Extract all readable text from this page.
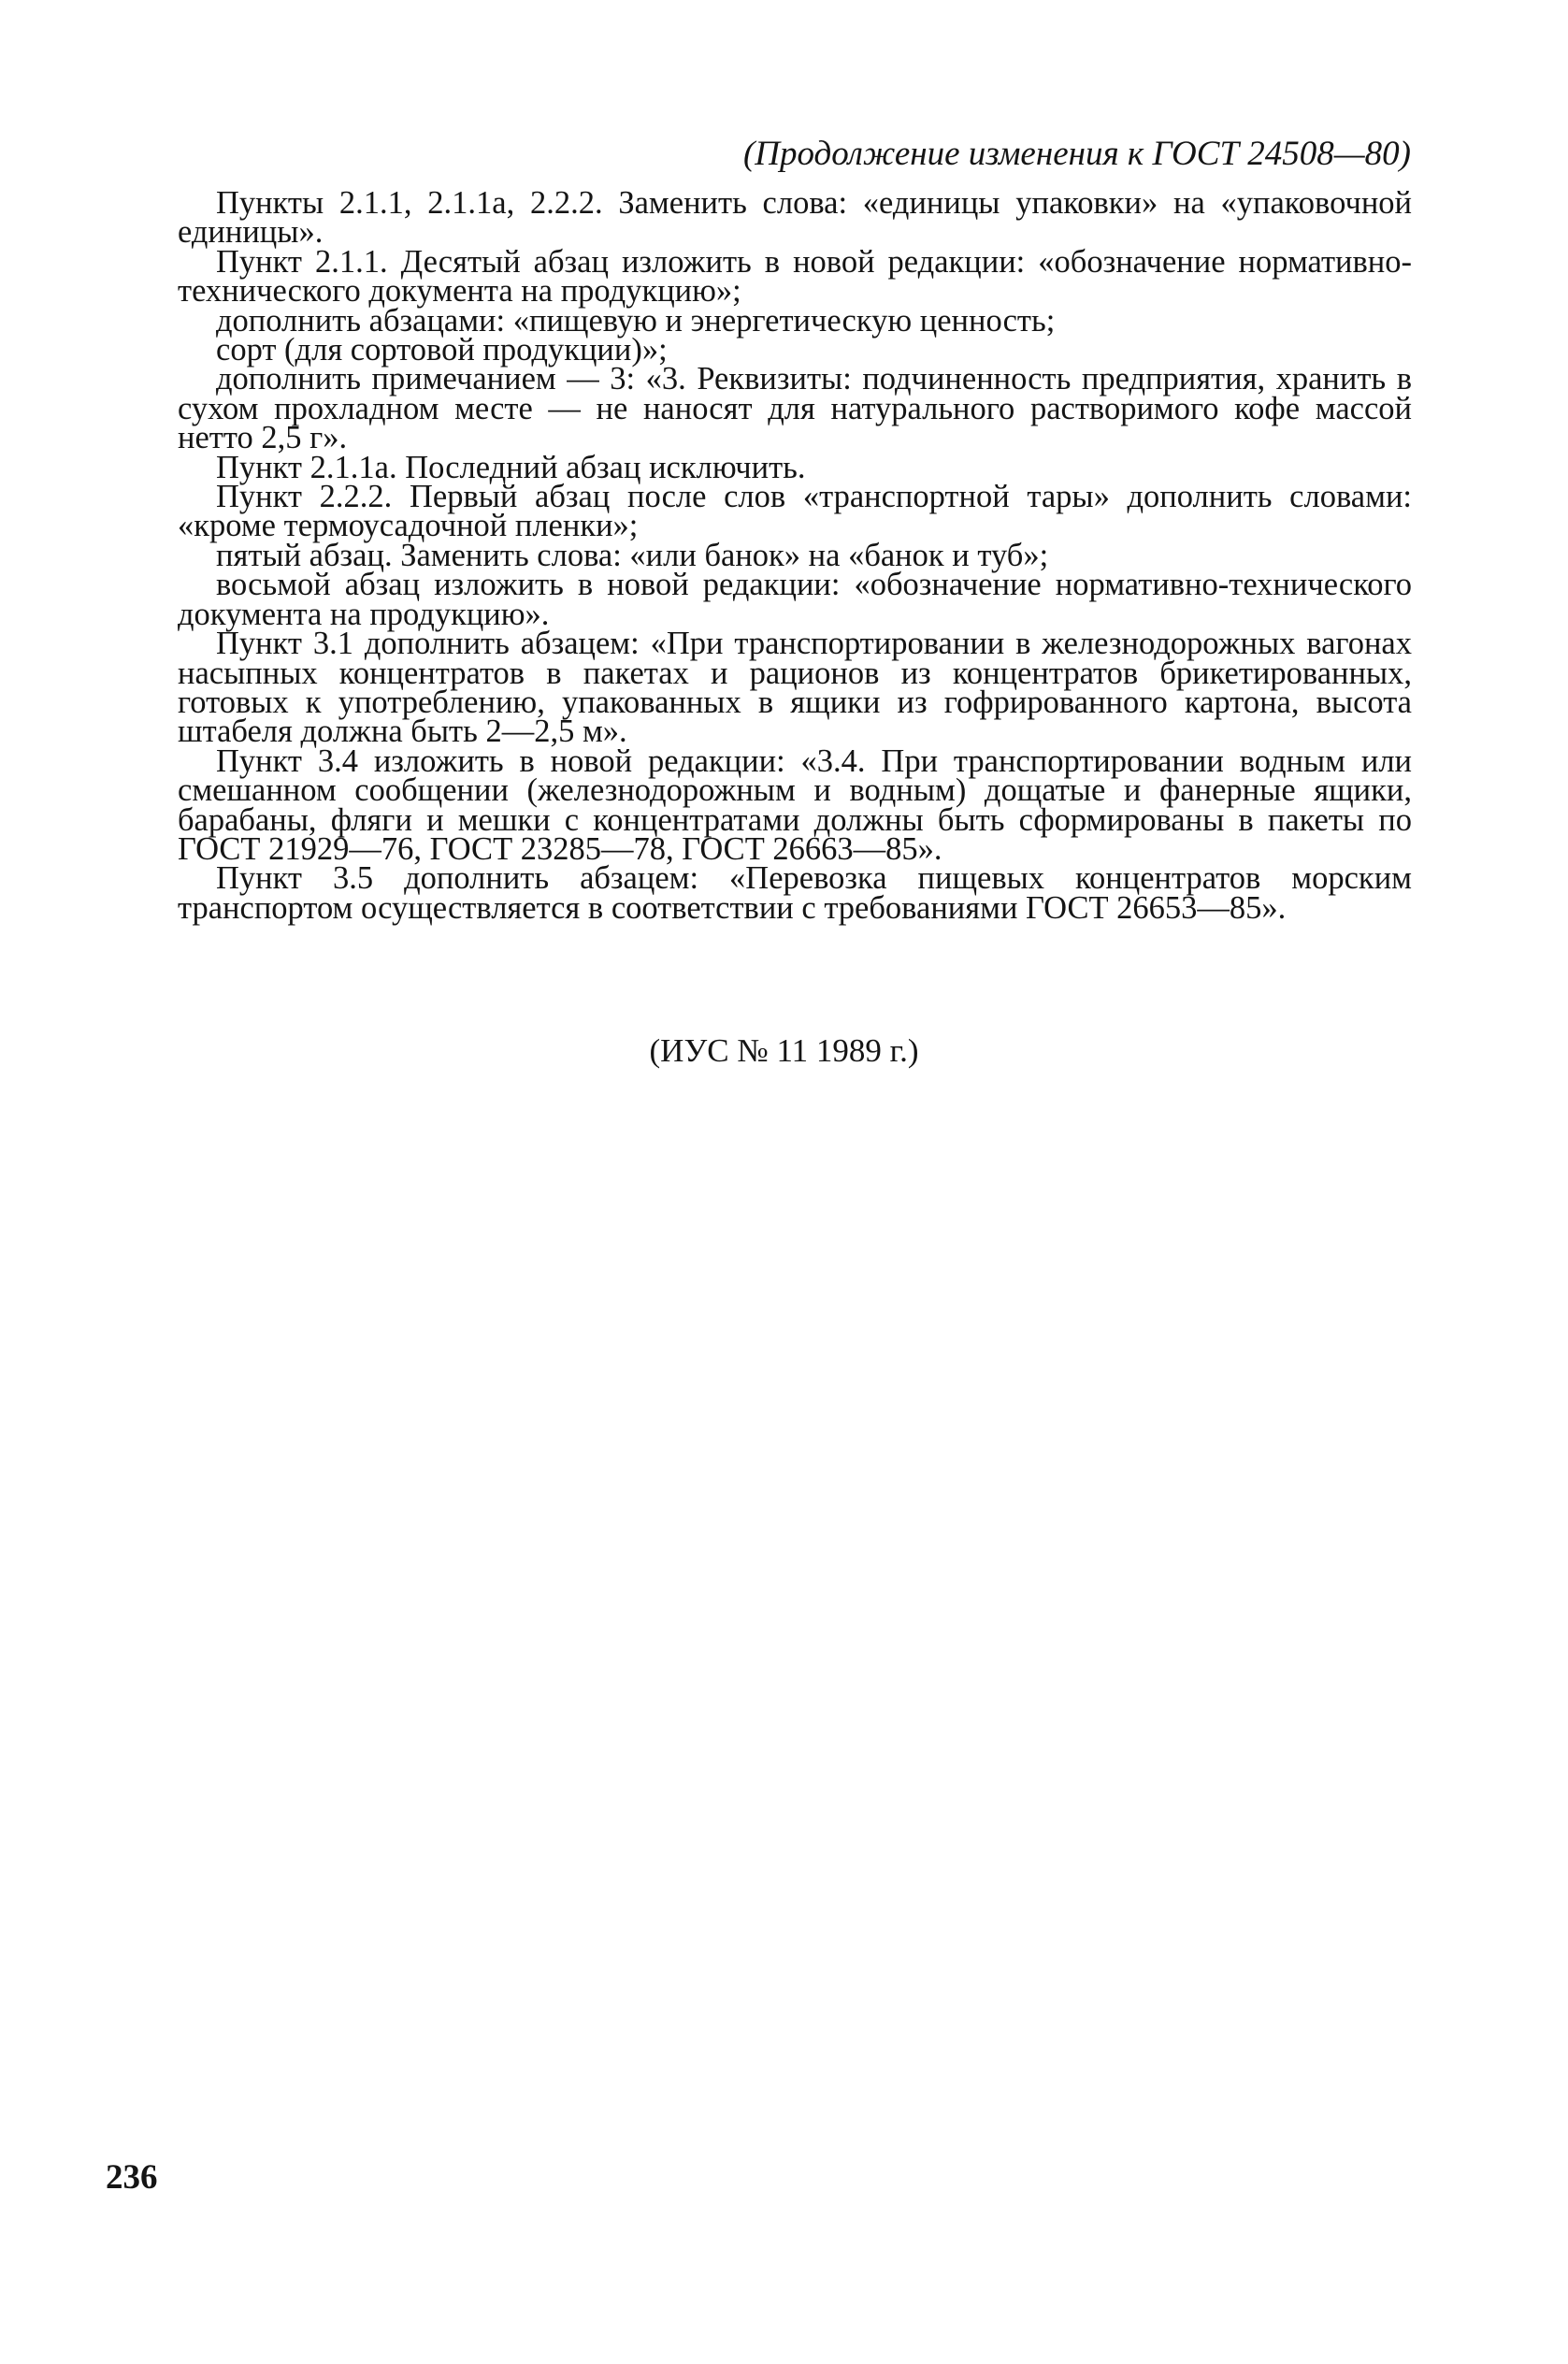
(Продолжение изменения к ГОСТ 24508—80)

Пункты 2.1.1, 2.1.1а, 2.2.2. Заменить слова: «единицы упаковки» на «упаковочной единицы».

Пункт 2.1.1. Десятый абзац изложить в новой редакции: «обозначение нормативно-технического документа на продукцию»;

дополнить абзацами: «пищевую и энергетическую ценность;

сорт (для сортовой продукции)»;

дополнить примечанием — 3: «3. Реквизиты: подчиненность предприятия, хранить в сухом прохладном месте — не наносят для натурального растворимого кофе массой нетто 2,5 г».

Пункт 2.1.1а. Последний абзац исключить.

Пункт 2.2.2. Первый абзац после слов «транспортной тары» дополнить словами: «кроме термоусадочной пленки»;

пятый абзац. Заменить слова: «или банок» на «банок и туб»;

восьмой абзац изложить в новой редакции: «обозначение нормативно-технического документа на продукцию».

Пункт 3.1 дополнить абзацем: «При транспортировании в железнодорожных вагонах насыпных концентратов в пакетах и рационов из концентратов брикетированных, готовых к употреблению, упакованных в ящики из гофрированного картона, высота штабеля должна быть 2—2,5 м».

Пункт 3.4 изложить в новой редакции: «3.4. При транспортировании водным или смешанном сообщении (железнодорожным и водным) дощатые и фанерные ящики, барабаны, фляги и мешки с концентратами должны быть сформированы в пакеты по ГОСТ 21929—76, ГОСТ 23285—78, ГОСТ 26663—85».

Пункт 3.5 дополнить абзацем: «Перевозка пищевых концентратов морским транспортом осуществляется в соответствии с требованиями ГОСТ 26653—85».

(ИУС № 11 1989 г.)
236
